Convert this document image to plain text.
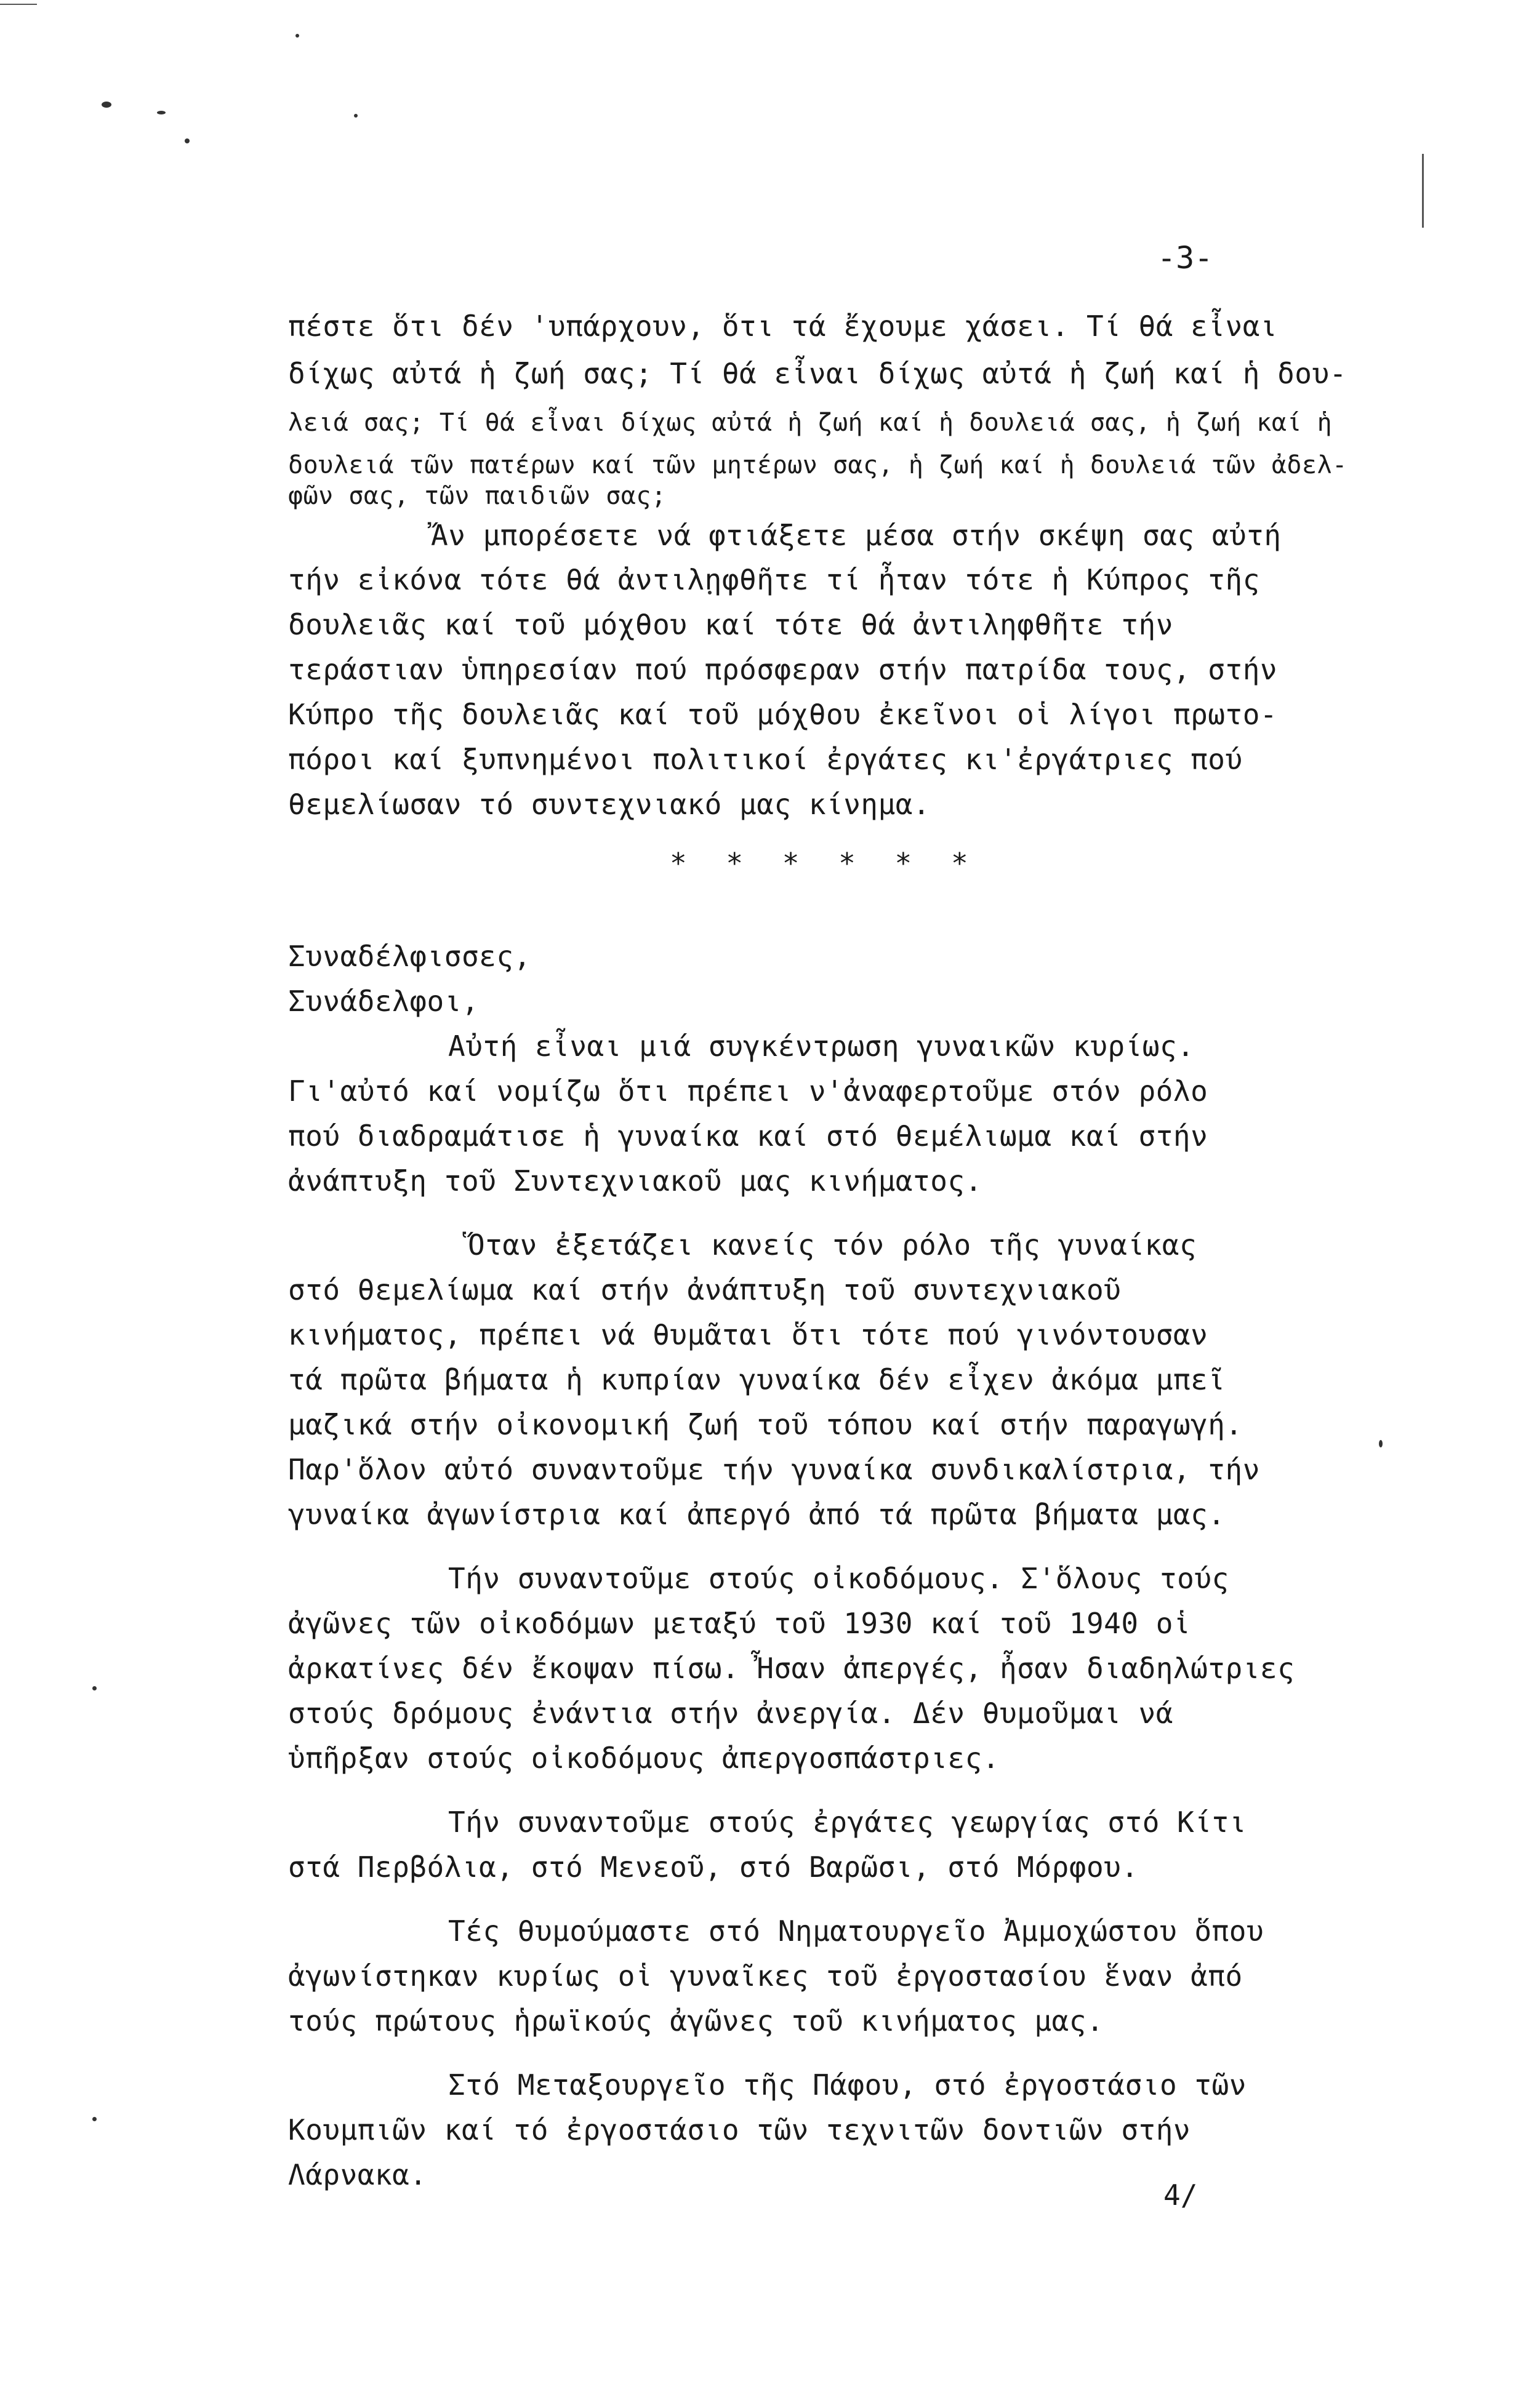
-3-
πέστε ὅτι δέν 'υπάρχουν, ὅτι τά ἔχουμε χάσει. Τί θά εἶναι
δίχως αὐτά ἡ ζωή σας; Τί θά εἶναι δίχως αὐτά ἡ ζωή καί ἡ δου-
λειά σας; Τί θά εἶναι δίχως αὐτά ἡ ζωή καί ἡ δουλειά σας, ἡ ζωή καί ἡ
δουλειά τῶν πατέρων καί τῶν μητέρων σας, ἡ ζωή καί ἡ δουλειά τῶν ἀδελ-
φῶν σας, τῶν παιδιῶν σας;
Ἄν μπορέσετε νά φτιάξετε μέσα στήν σκέψη σας αὐτή
τήν εἰκόνα τότε θά ἀντιληφθῆτε τί ἦταν τότε ἡ Κύπρος τῆς
δουλειᾶς καί τοῦ μόχθου καί τότε θά ἀντιληφθῆτε τήν
τεράστιαν ὑπηρεσίαν πού πρόσφεραν στήν πατρίδα τους, στήν
Κύπρο τῆς δουλειᾶς καί τοῦ μόχθου ἐκεῖνοι οἱ λίγοι πρωτο-
πόροι καί ξυπνημένοι πολιτικοί ἐργάτες κι'ἐργάτριες πού
θεμελίωσαν τό συντεχνιακό μας κίνημα.
* * * * * *
Συναδέλφισσες,
Συνάδελφοι,
Αὐτή εἶναι μιά συγκέντρωση γυναικῶν κυρίως.
Γι'αὐτό καί νομίζω ὅτι πρέπει ν'ἀναφερτοῦμε στόν ρόλο
πού διαδραμάτισε ἡ γυναίκα καί στό θεμέλιωμα καί στήν
ἀνάπτυξη τοῦ Συντεχνιακοῦ μας κινήματος.
Ὅταν ἐξετάζει κανείς τόν ρόλο τῆς γυναίκας
στό θεμελίωμα καί στήν ἀνάπτυξη τοῦ συντεχνιακοῦ
κινήματος, πρέπει νά θυμᾶται ὅτι τότε πού γινόντουσαν
τά πρῶτα βήματα ἡ κυπρίαν γυναίκα δέν εἶχεν ἀκόμα μπεῖ
μαζικά στήν οἰκονομική ζωή τοῦ τόπου καί στήν παραγωγή.
Παρ'ὅλον αὐτό συναντοῦμε τήν γυναίκα συνδικαλίστρια, τήν
γυναίκα ἀγωνίστρια καί ἀπεργό ἀπό τά πρῶτα βήματα μας.
Τήν συναντοῦμε στούς οἰκοδόμους. Σ'ὅλους τούς
ἀγῶνες τῶν οἰκοδόμων μεταξύ τοῦ 1930 καί τοῦ 1940 οἱ
ἀρκατίνες δέν ἔκοψαν πίσω. Ἦσαν ἀπεργές, ἦσαν διαδηλώτριες
στούς δρόμους ἐνάντια στήν ἀνεργία. Δέν θυμοῦμαι νά
ὑπῆρξαν στούς οἰκοδόμους ἀπεργοσπάστριες.
Τήν συναντοῦμε στούς ἐργάτες γεωργίας στό Κίτι
στά Περβόλια, στό Μενεοῦ, στό Βαρῶσι, στό Μόρφου.
Τές θυμούμαστε στό Νηματουργεῖο Ἀμμοχώστου ὅπου
ἀγωνίστηκαν κυρίως οἱ γυναῖκες τοῦ ἐργοστασίου ἕναν ἀπό
τούς πρώτους ἡρωϊκούς ἀγῶνες τοῦ κινήματος μας.
Στό Μεταξουργεῖο τῆς Πάφου, στό ἐργοστάσιο τῶν
Κουμπιῶν καί τό ἐργοστάσιο τῶν τεχνιτῶν δοντιῶν στήν
Λάρνακα.
4/
